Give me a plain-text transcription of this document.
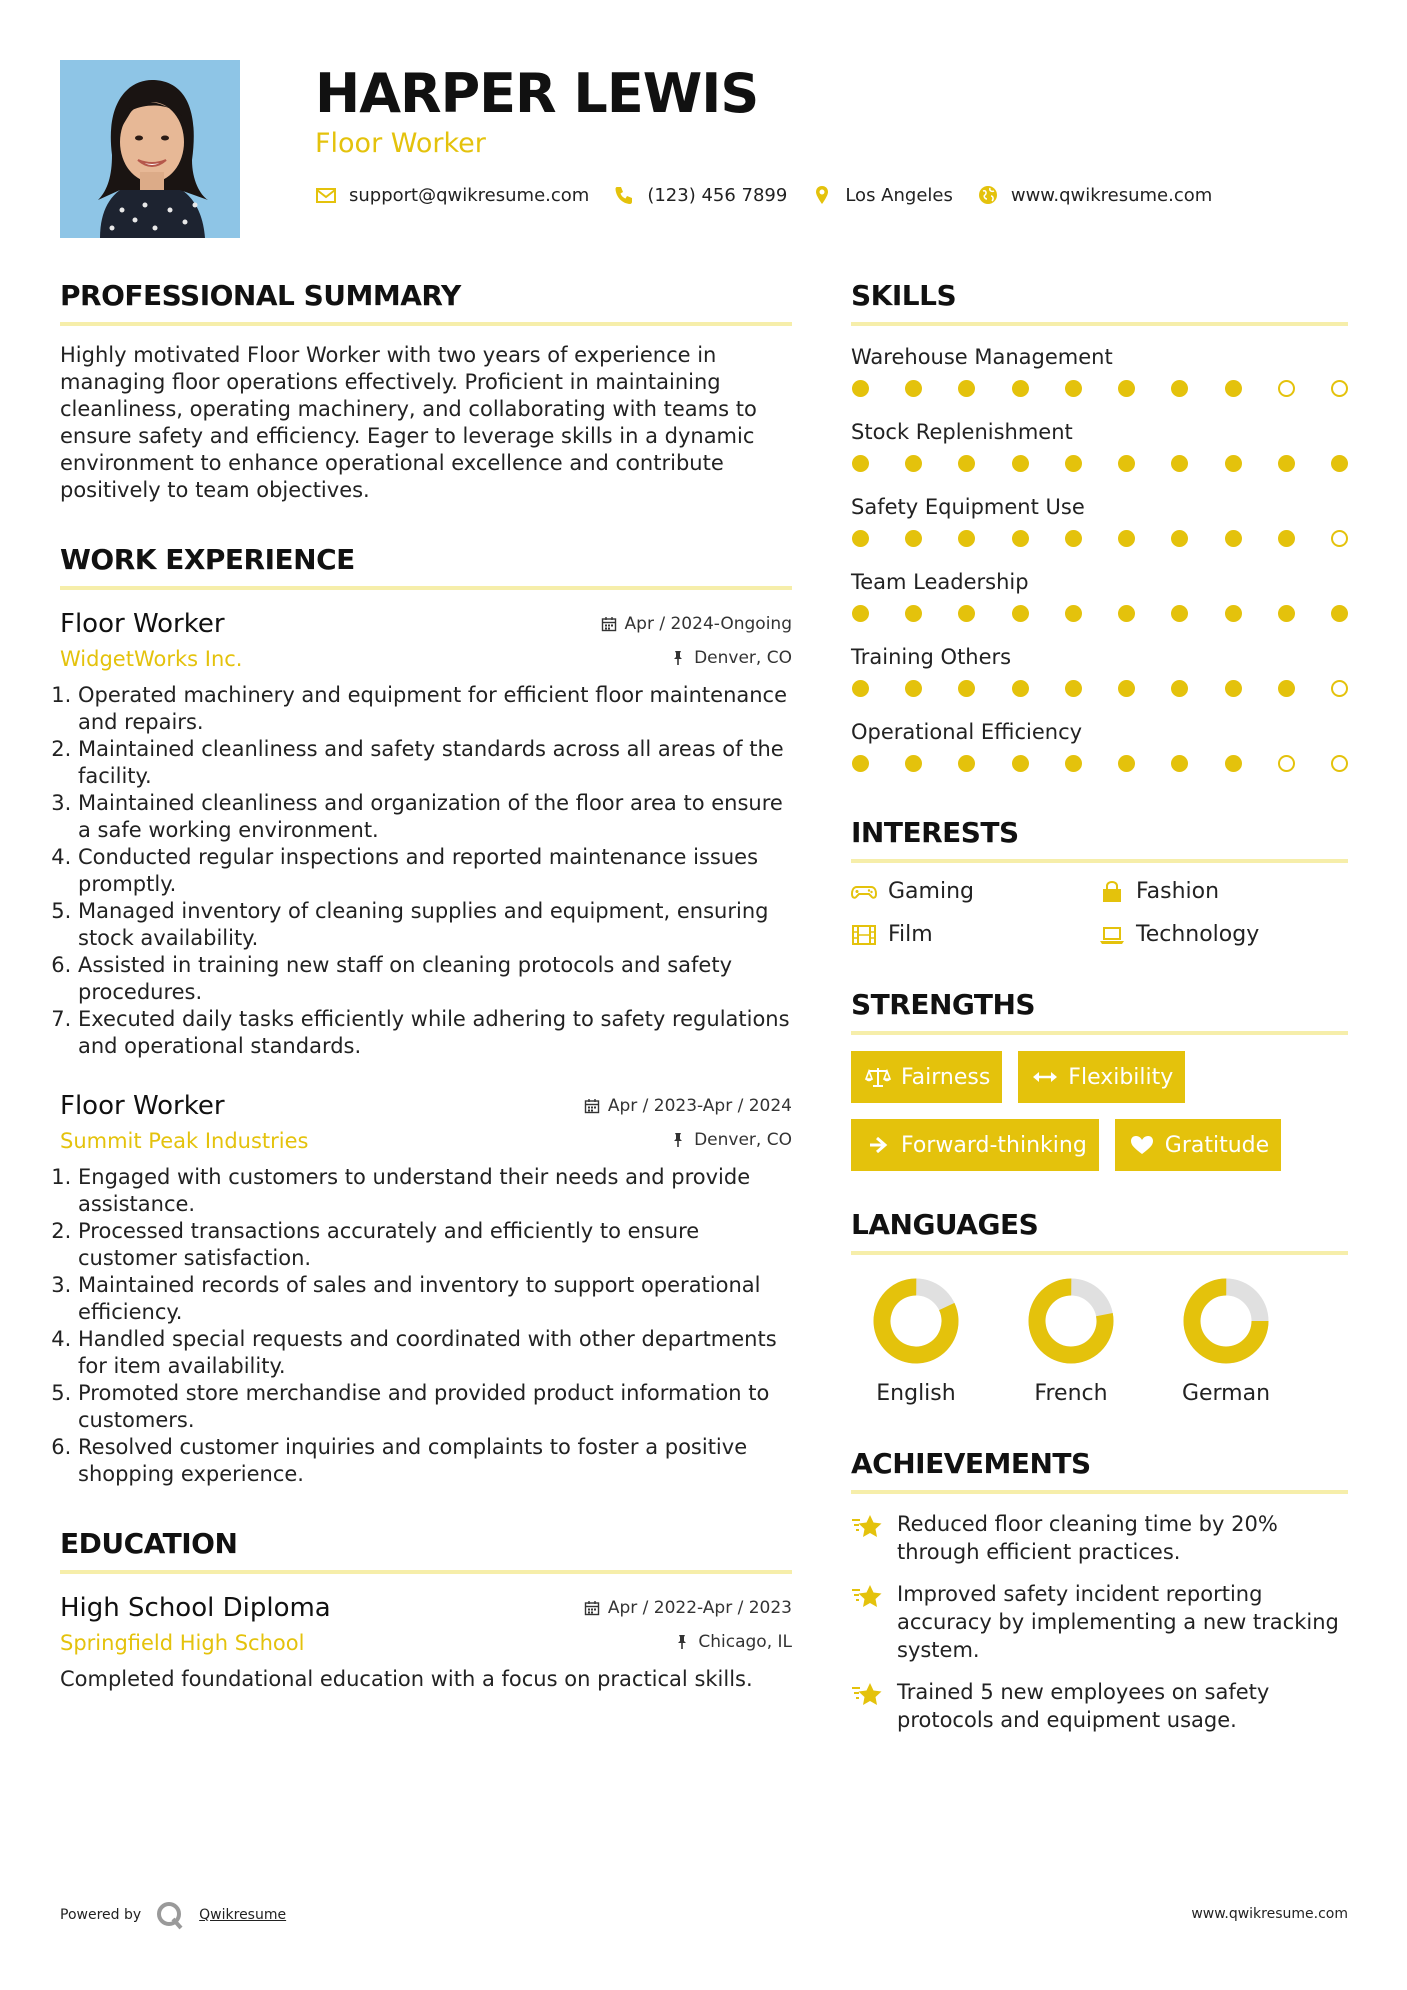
HARPER LEWIS
Floor Worker
support@qwikresume.com	(123) 456 7899	Los Angeles	www.qwikresume.com
PROFESSIONAL SUMMARY
Highly motivated Floor Worker with two years of experience in managing floor operations effectively. Proficient in maintaining cleanliness, operating machinery, and collaborating with teams to ensure safety and efficiency. Eager to leverage skills in a dynamic environment to enhance operational excellence and contribute positively to team objectives.
WORK EXPERIENCE
Floor Worker	Apr / 2024-Ongoing
WidgetWorks Inc.	Denver, CO
1. Operated machinery and equipment for efficient floor maintenance and repairs.
2. Maintained cleanliness and safety standards across all areas of the facility.
3. Maintained cleanliness and organization of the floor area to ensure a safe working environment.
4. Conducted regular inspections and reported maintenance issues promptly.
5. Managed inventory of cleaning supplies and equipment, ensuring stock availability.
6. Assisted in training new staff on cleaning protocols and safety procedures.
7. Executed daily tasks efficiently while adhering to safety regulations and operational standards.
Floor Worker	Apr / 2023-Apr / 2024
Summit Peak Industries	Denver, CO
1. Engaged with customers to understand their needs and provide assistance.
2. Processed transactions accurately and efficiently to ensure customer satisfaction.
3. Maintained records of sales and inventory to support operational efficiency.
4. Handled special requests and coordinated with other departments for item availability.
5. Promoted store merchandise and provided product information to customers.
6. Resolved customer inquiries and complaints to foster a positive shopping experience.
EDUCATION
High School Diploma	Apr / 2022-Apr / 2023
Springfield High School	Chicago, IL
Completed foundational education with a focus on practical skills.
SKILLS
Warehouse Management
Stock Replenishment
Safety Equipment Use
Team Leadership
Training Others
Operational Efficiency
INTERESTS
Gaming	Fashion
Film	Technology
STRENGTHS
Fairness	Flexibility
Forward-thinking	Gratitude
LANGUAGES
English	French	German
ACHIEVEMENTS
Reduced floor cleaning time by 20% through efficient practices.
Improved safety incident reporting accuracy by implementing a new tracking system.
Trained 5 new employees on safety protocols and equipment usage.
Powered by	Qwikresume	www.qwikresume.com
